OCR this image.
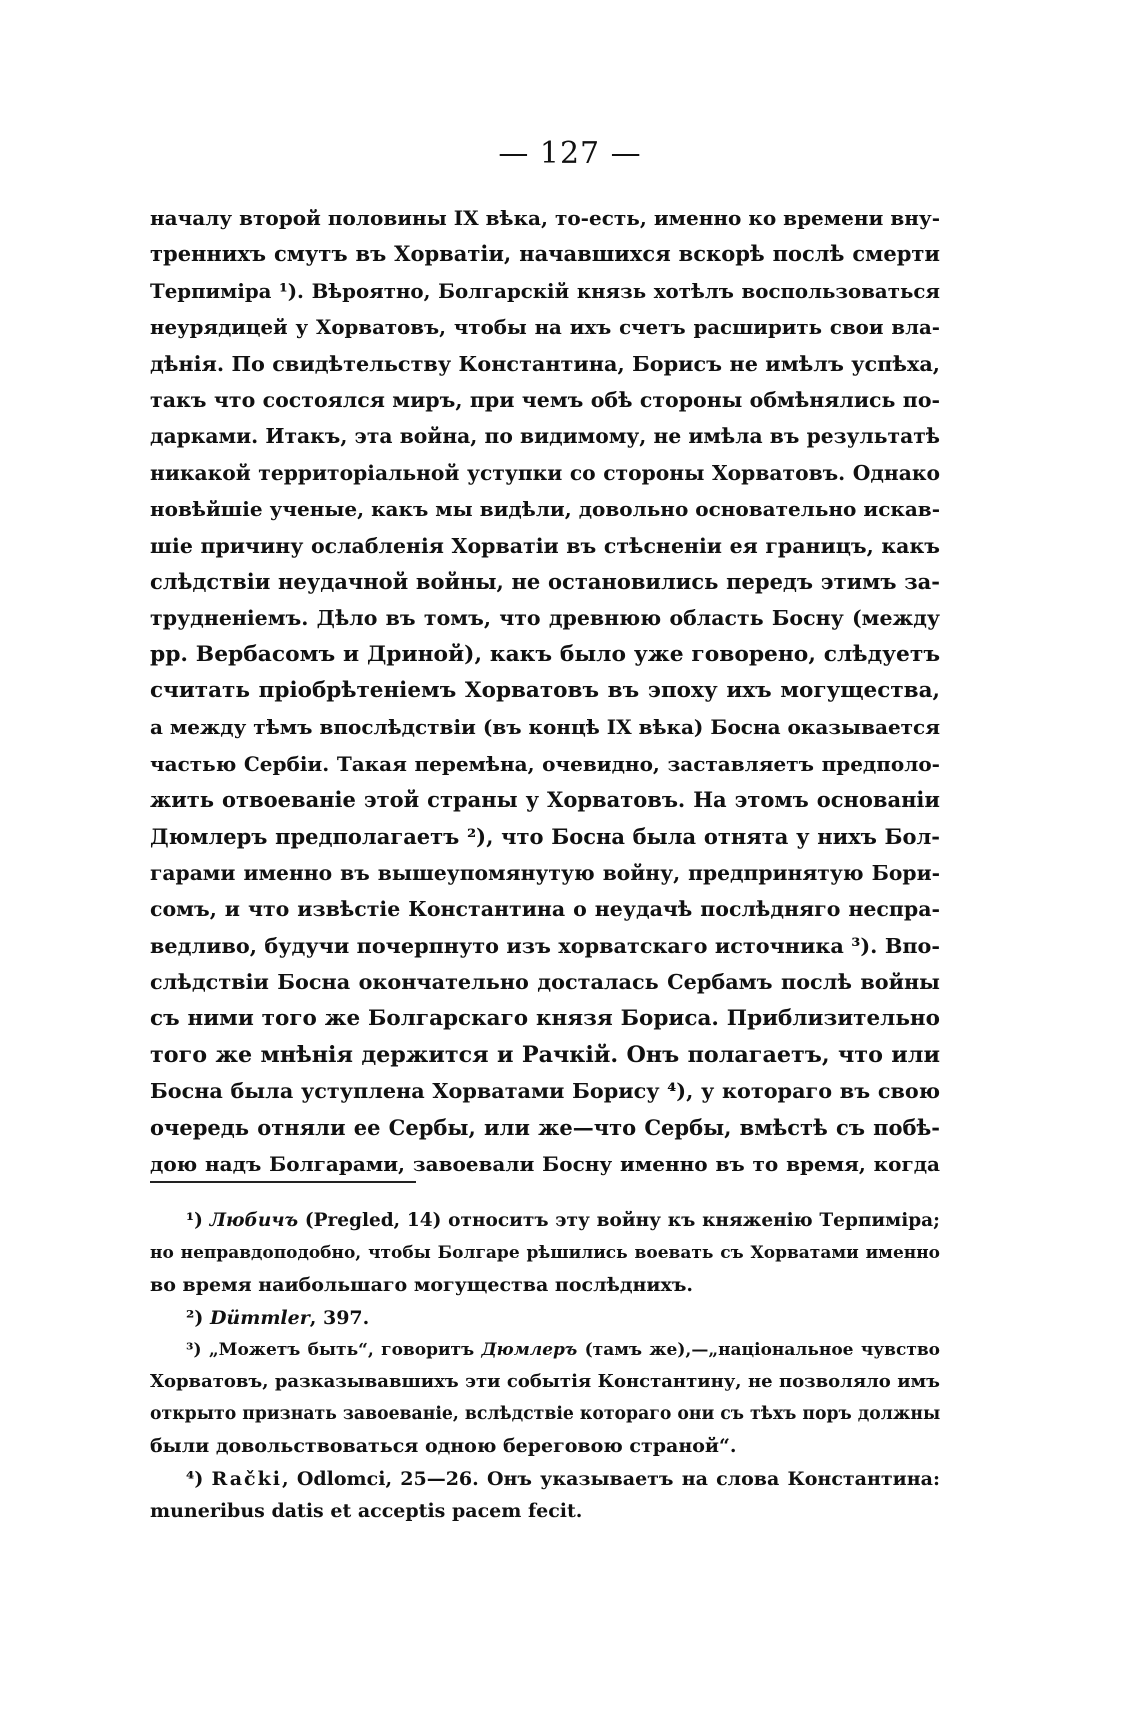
— 127 —
началу второй половины IX вѣка, то-есть, именно ко времени вну-
треннихъ смутъ въ Хорватіи, начавшихся вскорѣ послѣ смерти
Терпиміра ¹). Вѣроятно, Болгарскій князь хотѣлъ воспользоваться
неурядицей у Хорватовъ, чтобы на ихъ счетъ расширить свои вла-
дѣнія. По свидѣтельству Константина, Борисъ не имѣлъ успѣха,
такъ что состоялся миръ, при чемъ обѣ стороны обмѣнялись по-
дарками. Итакъ, эта война, по видимому, не имѣла въ результатѣ
никакой территоріальной уступки со стороны Хорватовъ. Однако
новѣйшіе ученые, какъ мы видѣли, довольно основательно искав-
шіе причину ослабленія Хорватіи въ стѣсненіи ея границъ, какъ
слѣдствіи неудачной войны, не остановились передъ этимъ за-
трудненіемъ. Дѣло въ томъ, что древнюю область Босну (между
рр. Вербасомъ и Дриной), какъ было уже говорено, слѣдуетъ
считать пріобрѣтеніемъ Хорватовъ въ эпоху ихъ могущества,
а между тѣмъ впослѣдствіи (въ концѣ IX вѣка) Босна оказывается
частью Сербіи. Такая перемѣна, очевидно, заставляетъ предполо-
жить отвоеваніе этой страны у Хорватовъ. На этомъ основаніи
Дюмлеръ предполагаетъ ²), что Босна была отнята у нихъ Бол-
гарами именно въ вышеупомянутую войну, предпринятую Бори-
сомъ, и что извѣстіе Константина о неудачѣ послѣдняго неспра-
ведливо, будучи почерпнуто изъ хорватскаго источника ³). Впо-
слѣдствіи Босна окончательно досталась Сербамъ послѣ войны
съ ними того же Болгарскаго князя Бориса. Приблизительно
того же мнѣнія держится и Рачкій. Онъ полагаетъ, что или
Босна была уступлена Хорватами Борису ⁴), у котораго въ свою
очередь отняли ее Сербы, или же—что Сербы, вмѣстѣ съ побѣ-
дою надъ Болгарами, завоевали Босну именно въ то время, когда
¹) Любичъ (Pregled, 14) относитъ эту войну къ княженію Терпиміра;
но неправдоподобно, чтобы Болгаре рѣшились воевать съ Хорватами именно
во время наибольшаго могущества послѣднихъ.
²) Dümmler, 397.
³) „Можетъ быть“, говоритъ Дюмлеръ (тамъ же),—„національное чувство
Хорватовъ, разказывавшихъ эти событія Константину, не позволяло имъ
открыто признать завоеваніе, вслѣдствіе котораго они съ тѣхъ поръ должны
были довольствоваться одною береговою страной“.
⁴) Račkі, Odlomci, 25—26. Онъ указываетъ на слова Константина:
muneribus datis et acceptis pacem fecit.
